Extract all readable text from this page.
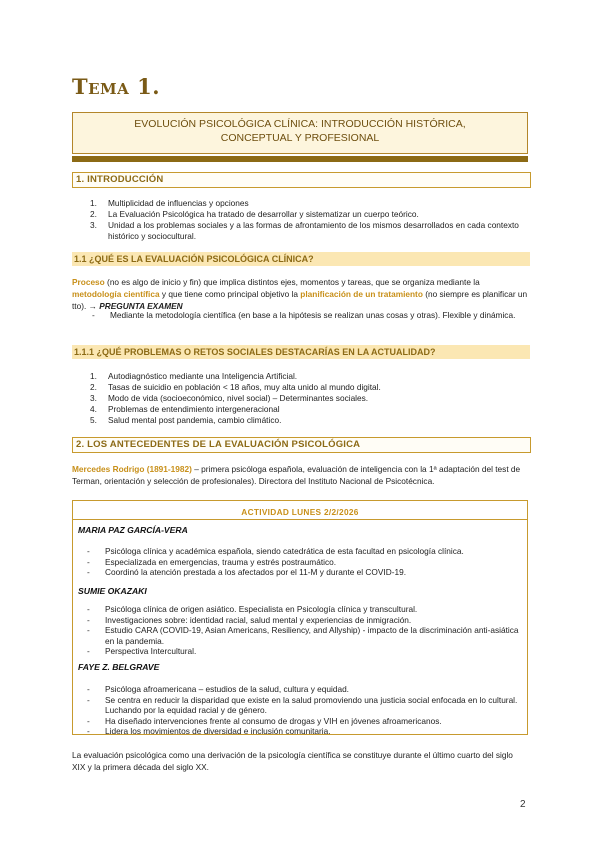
Tema 1.
EVOLUCIÓN PSICOLÓGICA CLÍNICA: INTRODUCCIÓN HISTÓRICA,
CONCEPTUAL Y PROFESIONAL
1. INTRODUCCIÓN
1. Multiplicidad de influencias y opciones
2. La Evaluación Psicológica ha tratado de desarrollar y sistematizar un cuerpo teórico.
3. Unidad a los problemas sociales y a las formas de afrontamiento de los mismos desarrollados en cada contexto histórico y sociocultural.
1.1 ¿QUÉ ES LA EVALUACIÓN PSICOLÓGICA CLÍNICA?
Proceso (no es algo de inicio y fin) que implica distintos ejes, momentos y tareas, que se organiza mediante la metodología científica y que tiene como principal objetivo la planificación de un tratamiento (no siempre es planificar un tto). → PREGUNTA EXAMEN
- Mediante la metodología científica (en base a la hipótesis se realizan unas cosas y otras). Flexible y dinámica.
1.1.1 ¿QUÉ PROBLEMAS O RETOS SOCIALES DESTACARÍAS EN LA ACTUALIDAD?
1. Autodiagnóstico mediante una Inteligencia Artificial.
2. Tasas de suicidio en población < 18 años, muy alta unido al mundo digital.
3. Modo de vida (socioeconómico, nivel social) – Determinantes sociales.
4. Problemas de entendimiento intergeneracional
5. Salud mental post pandemia, cambio climático.
2. LOS ANTECEDENTES DE LA EVALUACIÓN PSICOLÓGICA
Mercedes Rodrigo (1891-1982) – primera psicóloga española, evaluación de inteligencia con la 1ª adaptación del test de Terman, orientación y selección de profesionales). Directora del Instituto Nacional de Psicotécnica.
ACTIVIDAD LUNES 2/2/2026
MARIA PAZ GARCÍA-VERA
- Psicóloga clínica y académica española, siendo catedrática de esta facultad en psicología clínica.
- Especializada en emergencias, trauma y estrés postraumático.
- Coordinó la atención prestada a los afectados por el 11-M y durante el COVID-19.
SUMIE OKAZAKI
- Psicóloga clínica de origen asiático. Especialista en Psicología clínica y transcultural.
- Investigaciones sobre: identidad racial, salud mental y experiencias de inmigración.
- Estudio CARA (COVID-19, Asian Americans, Resiliency, and Allyship) - impacto de la discriminación anti-asiática en la pandemia.
- Perspectiva Intercultural.
FAYE Z. BELGRAVE
- Psicóloga afroamericana – estudios de la salud, cultura y equidad.
- Se centra en reducir la disparidad que existe en la salud promoviendo una justicia social enfocada en lo cultural. Luchando por la equidad racial y de género.
- Ha diseñado intervenciones frente al consumo de drogas y VIH en jóvenes afroamericanos.
- Lidera los movimientos de diversidad e inclusión comunitaria.
La evaluación psicológica como una derivación de la psicología científica se constituye durante el último cuarto del siglo XIX y la primera década del siglo XX.
2
